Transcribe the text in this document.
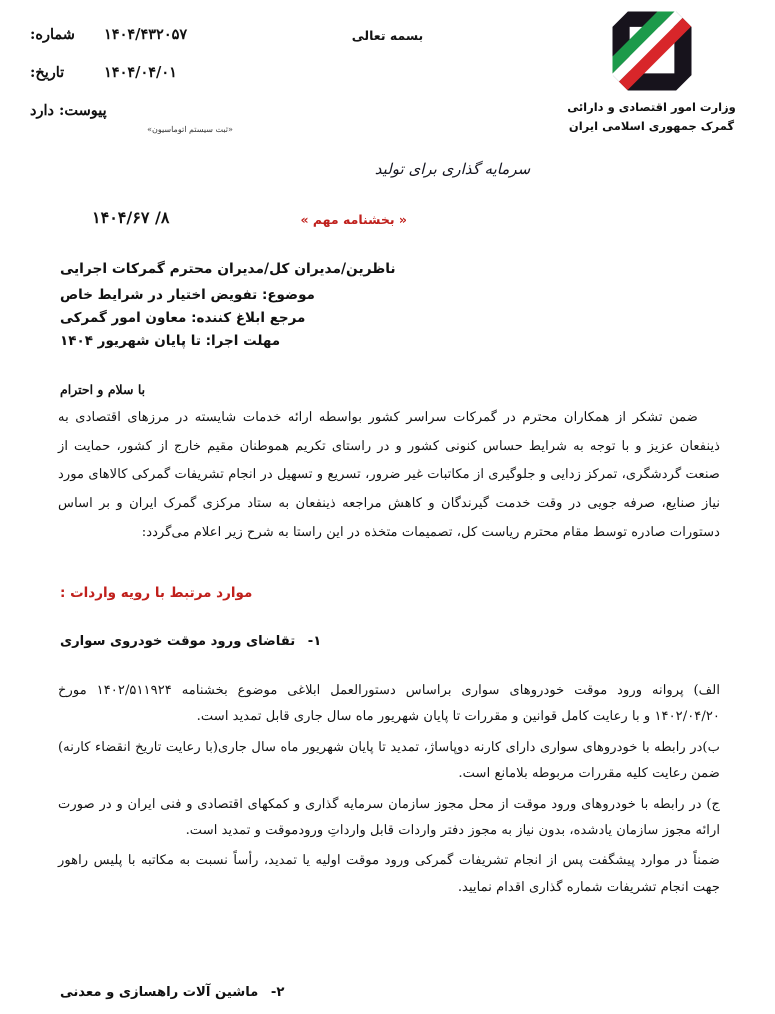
بسمه تعالی
وزارت امور اقتصادی و دارائی
گمرک جمهوری اسلامی ایران
۱۴۰۴/۴۳۲۰۵۷
شماره:
۱۴۰۴/۰۴/۰۱
تاریخ:
پیوست: دارد
«ثبت سیستم اتوماسیون»
سرمایه گذاری برای تولید
« بخشنامه مهم »
۱۴۰۴/۶۷ /۸
ناظرین/مدیران کل/مدیران محترم گمرکات اجرایی
موضوع: تفویض اختیار در شرایط خاص
مرجع ابلاغ کننده: معاون امور گمرکی
مهلت اجرا: تا پایان شهریور ۱۴۰۴
با سلام و احترام
ضمن تشکر از همکاران محترم در گمرکات سراسر کشور بواسطه ارائه خدمات شایسته در مرزهای اقتصادی به ذینفعان عزیز و با توجه به شرایط حساس کنونی کشور و در راستای تکریم هموطنان مقیم خارج از کشور، حمایت از صنعت گردشگری، تمرکز زدایی و جلوگیری از مکاتبات غیر ضرور، تسریع و تسهیل در انجام تشریفات گمرکی کالاهای مورد نیاز صنایع، صرفه جویی در وقت خدمت گیرندگان و کاهش مراجعه ذینفعان به ستاد مرکزی گمرک ایران و بر اساس دستورات صادره توسط مقام محترم ریاست کل، تصمیمات متخذه در این راستا به شرح زیر اعلام می‌گردد:
موارد مرتبط با رویه واردات :
۱- تقاضای ورود موقت خودروی سواری
الف) پروانه ورود موقت خودروهای سواری براساس دستورالعمل ابلاغی موضوع بخشنامه ۱۴۰۲/۵۱۱۹۲۴ مورخ ۱۴۰۲/۰۴/۲۰ و با رعایت کامل قوانین و مقررات تا پایان شهریور ماه سال جاری قابل تمدید است.
ب)در رابطه با خودروهای سواری دارای کارنه دوپاساژ، تمدید تا پایان شهریور ماه سال جاری(با رعایت تاریخ انقضاء کارنه) ضمن رعایت کلیه مقررات مربوطه بلامانع است.
ج) در رابطه با خودروهای ورود موقت از محل مجوز سازمان سرمایه گذاری و کمکهای اقتصادی و فنی ایران و در صورت ارائه مجوز سازمان یادشده، بدون نیاز به مجوز دفتر واردات قابل وارداتِ ورودموقت و تمدید است.
ضمناً در موارد پیشگفت پس از انجام تشریفات گمرکی ورود موقت اولیه یا تمدید، رأساً نسبت به مکاتبه با پلیس راهور جهت انجام تشریفات شماره گذاری اقدام نمایید.
۲- ماشین آلات راهسازی و معدنی
